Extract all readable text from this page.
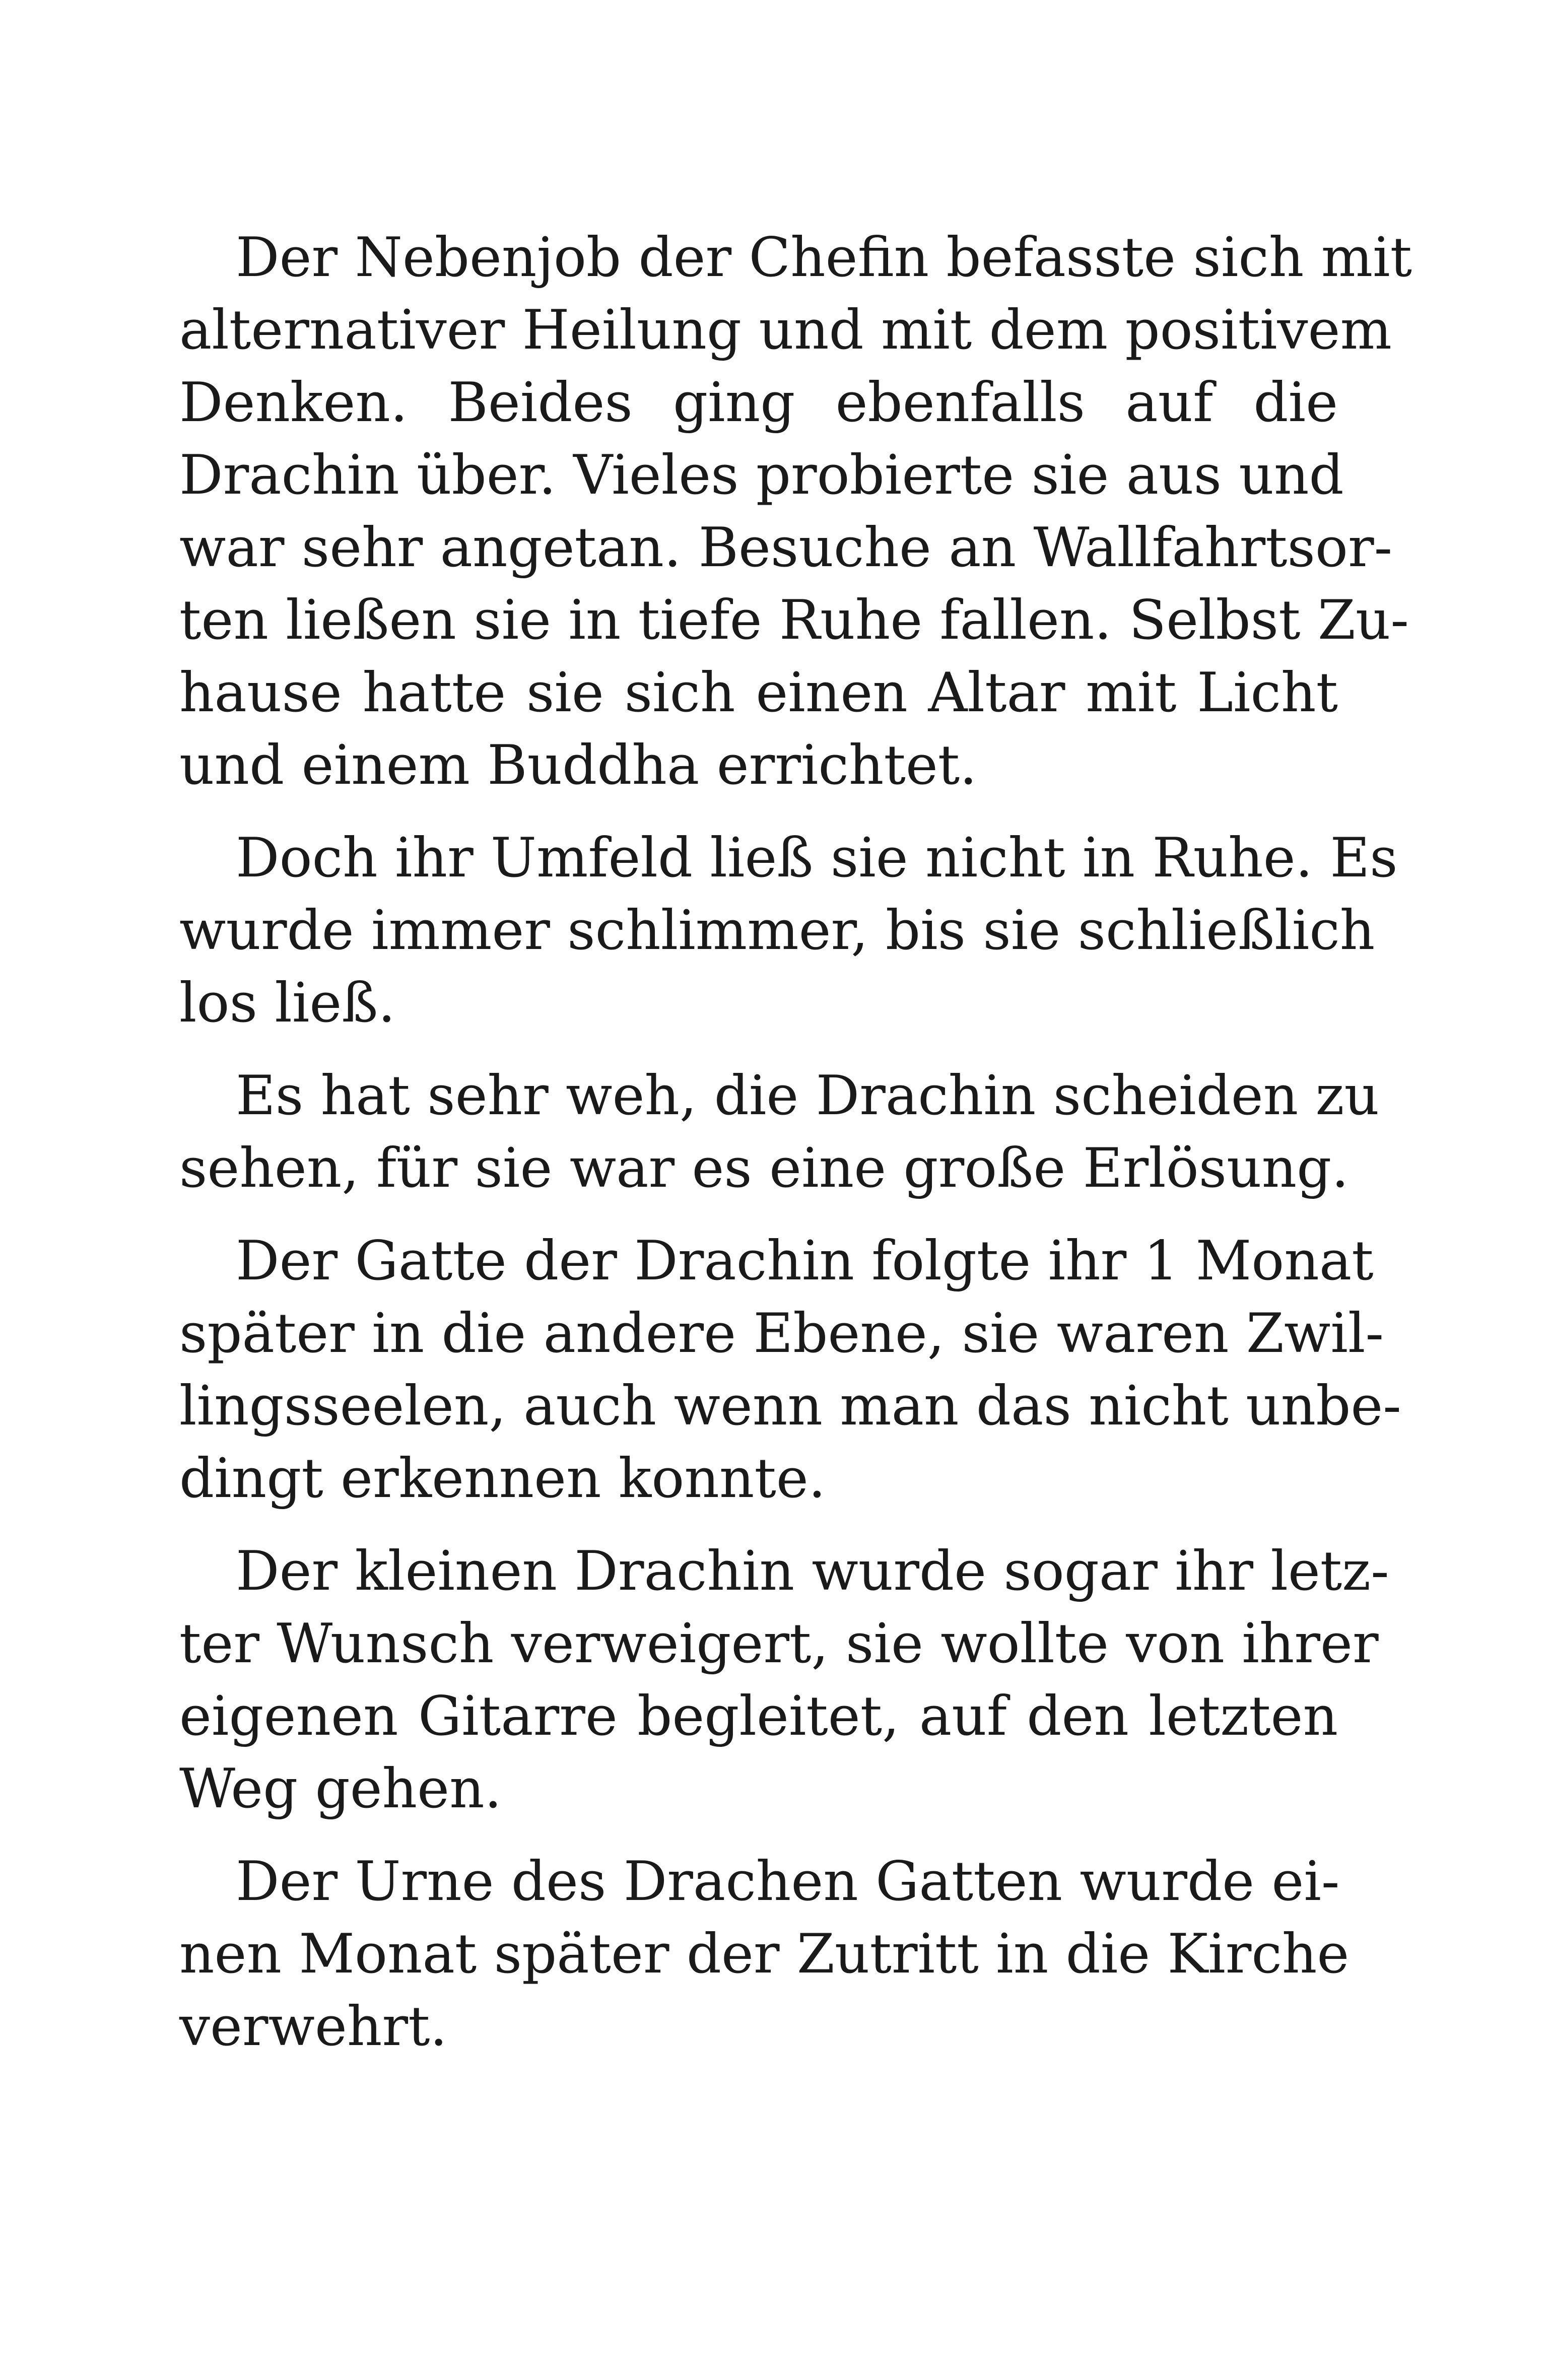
Der Nebenjob der Chefin befasste sich mit
alternativer Heilung und mit dem positivem
Denken. Beides ging ebenfalls auf die
Drachin über. Vieles probierte sie aus und
war sehr angetan. Besuche an Wallfahrtsor-
ten ließen sie in tiefe Ruhe fallen. Selbst Zu-
hause hatte sie sich einen Altar mit Licht
und einem Buddha errichtet.
Doch ihr Umfeld ließ sie nicht in Ruhe. Es
wurde immer schlimmer, bis sie schließlich
los ließ.
Es hat sehr weh, die Drachin scheiden zu
sehen, für sie war es eine große Erlösung.
Der Gatte der Drachin folgte ihr 1 Monat
später in die andere Ebene, sie waren Zwil-
lingsseelen, auch wenn man das nicht unbe-
dingt erkennen konnte.
Der kleinen Drachin wurde sogar ihr letz-
ter Wunsch verweigert, sie wollte von ihrer
eigenen Gitarre begleitet, auf den letzten
Weg gehen.
Der Urne des Drachen Gatten wurde ei-
nen Monat später der Zutritt in die Kirche
verwehrt.
